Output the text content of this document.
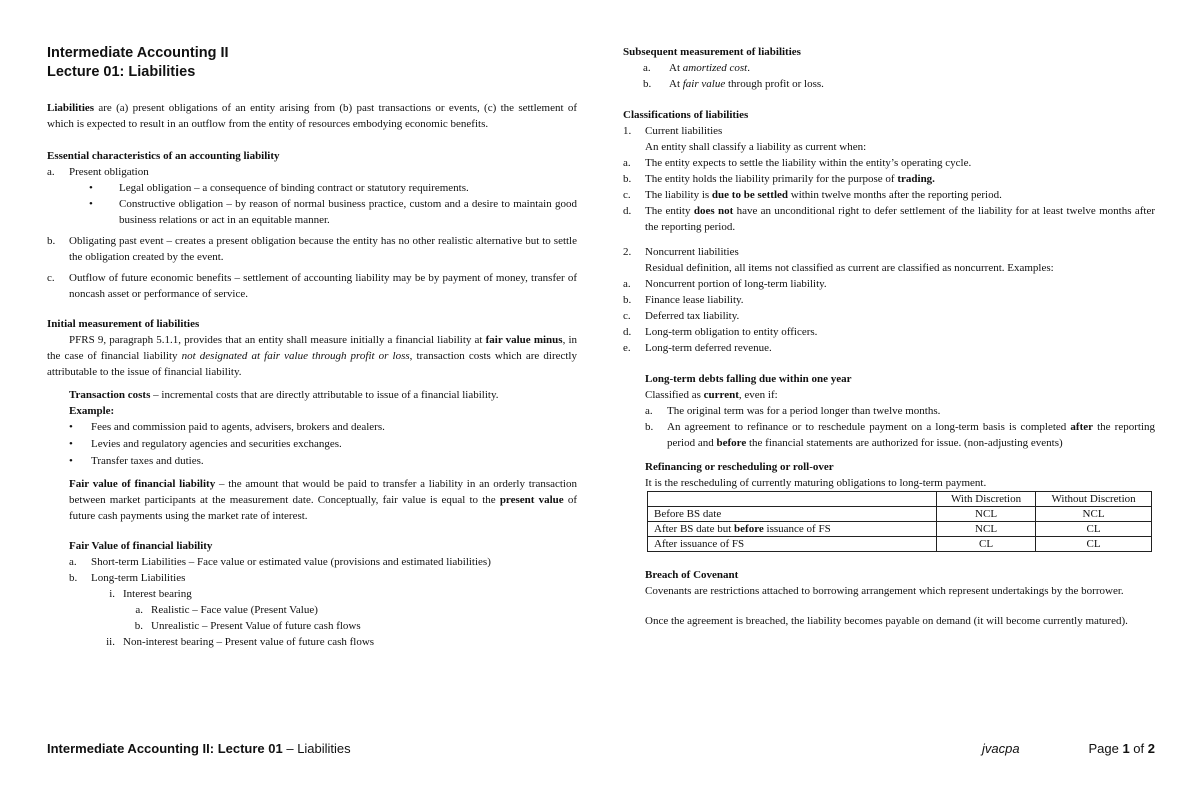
Intermediate Accounting II
Lecture 01: Liabilities

Liabilities are (a) present obligations of an entity arising from (b) past transactions or events, (c) the settlement of which is expected to result in an outflow from the entity of resources embodying economic benefits.

Essential characteristics of an accounting liability

a.	Present obligation
•	Legal obligation – a consequence of binding contract or statutory requirements.
•	Constructive obligation – by reason of normal business practice, custom and a desire to maintain good business relations or act in an equitable manner.
b.	Obligating past event – creates a present obligation because the entity has no other realistic alternative but to settle the obligation created by the event.
c.	Outflow of future economic benefits – settlement of accounting liability may be by payment of money, transfer of noncash asset or performance of service.

Initial measurement of liabilities

PFRS 9, paragraph 5.1.1, provides that an entity shall measure initially a financial liability at fair value minus, in the case of financial liability not designated at fair value through profit or loss, transaction costs which are directly attributable to the issue of financial liability.

Transaction costs – incremental costs that are directly attributable to issue of a financial liability.

Example:

•	Fees and commission paid to agents, advisers, brokers and dealers.
•	Levies and regulatory agencies and securities exchanges.
•	Transfer taxes and duties.

Fair value of financial liability – the amount that would be paid to transfer a liability in an orderly transaction between market participants at the measurement date. Conceptually, fair value is equal to the present value of future cash payments using the market rate of interest.

Fair Value of financial liability

a.	Short-term Liabilities – Face value or estimated value (provisions and estimated liabilities)
b.	Long-term Liabilities
i. Interest bearing
a. Realistic – Face value (Present Value)
b. Unrealistic – Present Value of future cash flows
ii. Non-interest bearing – Present value of future cash flows

Subsequent measurement of liabilities

a.	At amortized cost.
b.	At fair value through profit or loss.

Classifications of liabilities

1.	Current liabilities

An entity shall classify a liability as current when:

a.	The entity expects to settle the liability within the entity’s operating cycle.
b.	The entity holds the liability primarily for the purpose of trading.
c.	The liability is due to be settled within twelve months after the reporting period.
d.	The entity does not have an unconditional right to defer settlement of the liability for at least twelve months after the reporting period.
2.	Noncurrent liabilities

Residual definition, all items not classified as current are classified as noncurrent. Examples:

a.	Noncurrent portion of long-term liability.
b.	Finance lease liability.
c.	Deferred tax liability.
d.	Long-term obligation to entity officers.
e.	Long-term deferred revenue.

Long-term debts falling due within one year

Classified as current, even if:

a.	The original term was for a period longer than twelve months.
b.	An agreement to refinance or to reschedule payment on a long-term basis is completed after the reporting period and before the financial statements are authorized for issue. (non-adjusting events)

Refinancing or rescheduling or roll-over

It is the rescheduling of currently maturing obligations to long-term payment.

	With Discretion	Without Discretion
Before BS date	NCL	NCL
After BS date but before issuance of FS	NCL	CL
After issuance of FS	CL	CL

Breach of Covenant

Covenants are restrictions attached to borrowing arrangement which represent undertakings by the borrower.

Once the agreement is breached, the liability becomes payable on demand (it will become currently matured).

Intermediate Accounting II: Lecture 01 – Liabilities	jvacpa	Page 1 of 2
